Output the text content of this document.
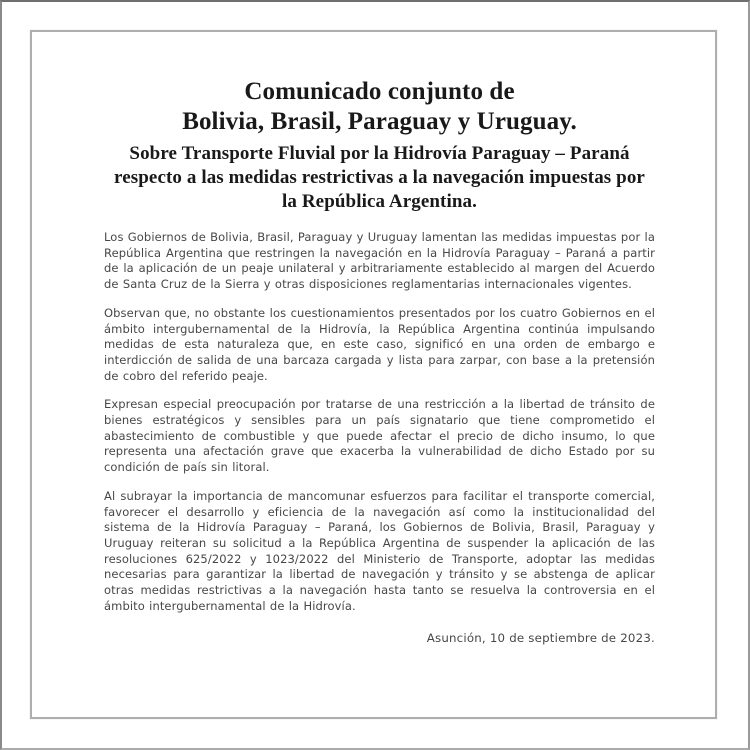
Comunicado conjunto de
Bolivia, Brasil, Paraguay y Uruguay.
Sobre Transporte Fluvial por la Hidrovía Paraguay – Paraná respecto a las medidas restrictivas a la navegación impuestas por la República Argentina.

Los Gobiernos de Bolivia, Brasil, Paraguay y Uruguay lamentan las medidas impuestas por la República Argentina que restringen la navegación en la Hidrovía Paraguay – Paraná a partir de la aplicación de un peaje unilateral y arbitrariamente establecido al margen del Acuerdo de Santa Cruz de la Sierra y otras disposiciones reglamentarias internacionales vigentes.

Observan que, no obstante los cuestionamientos presentados por los cuatro Gobiernos en el ámbito intergubernamental de la Hidrovía, la República Argentina continúa impulsando medidas de esta naturaleza que, en este caso, significó en una orden de embargo e interdicción de salida de una barcaza cargada y lista para zarpar, con base a la pretensión de cobro del referido peaje.

Expresan especial preocupación por tratarse de una restricción a la libertad de tránsito de bienes estratégicos y sensibles para un país signatario que tiene comprometido el abastecimiento de combustible y que puede afectar el precio de dicho insumo, lo que representa una afectación grave que exacerba la vulnerabilidad de dicho Estado por su condición de país sin litoral.

Al subrayar la importancia de mancomunar esfuerzos para facilitar el transporte comercial, favorecer el desarrollo y eficiencia de la navegación así como la institucionalidad del sistema de la Hidrovía Paraguay – Paraná, los Gobiernos de Bolivia, Brasil, Paraguay y Uruguay reiteran su solicitud a la República Argentina de suspender la aplicación de las resoluciones 625/2022 y 1023/2022 del Ministerio de Transporte, adoptar las medidas necesarias para garantizar la libertad de navegación y tránsito y se abstenga de aplicar otras medidas restrictivas a la navegación hasta tanto se resuelva la controversia en el ámbito intergubernamental de la Hidrovía.

Asunción, 10 de septiembre de 2023.
